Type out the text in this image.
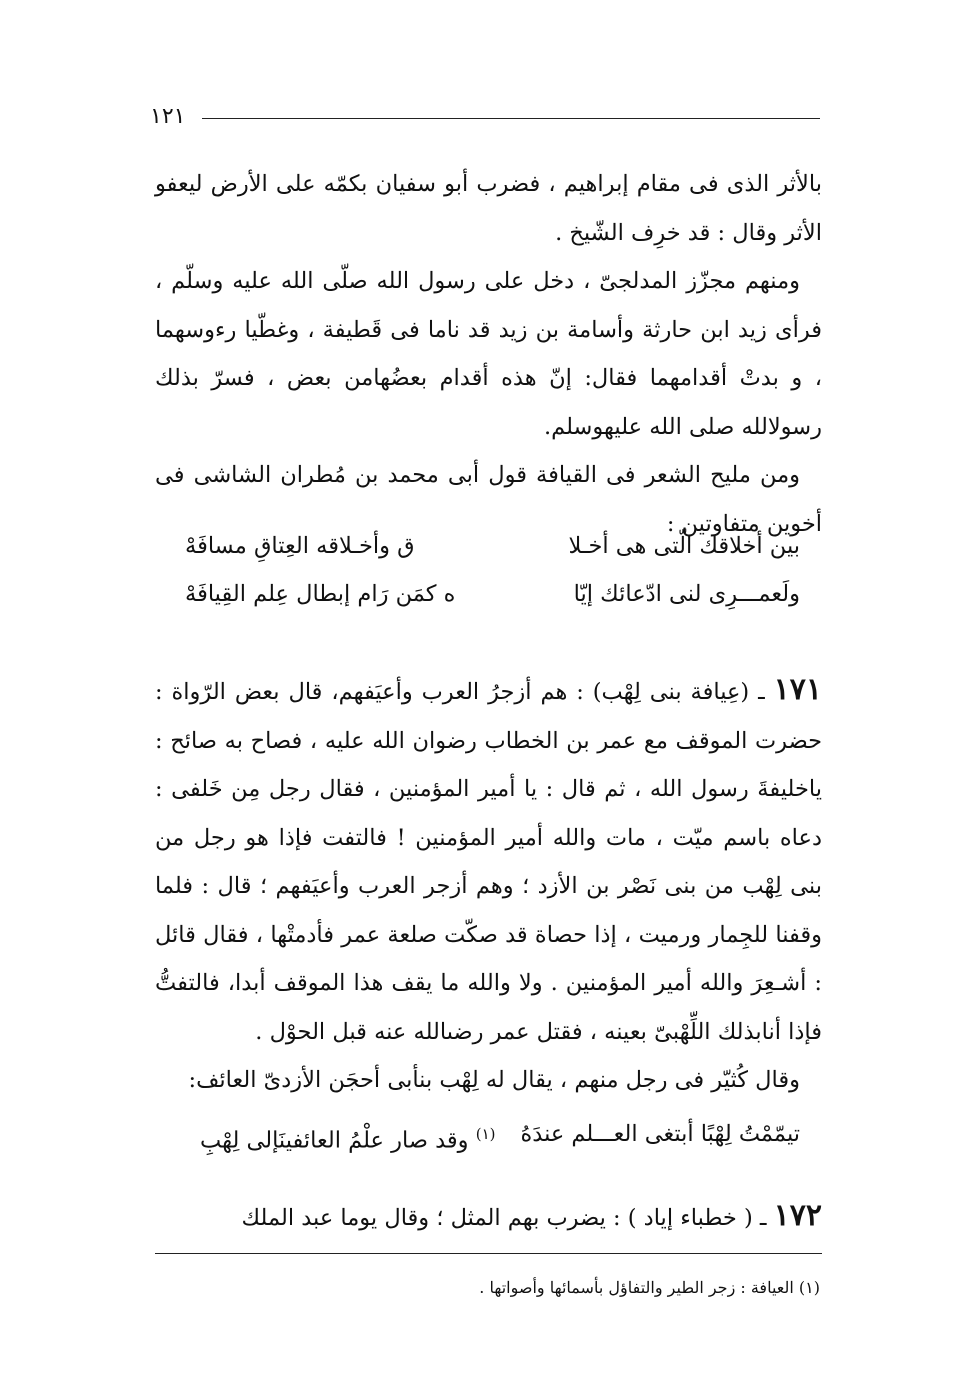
١٢١

بالأثر الذى فى مقام إبراهيم ، فضرب أبو سفيان بكمّه على الأرض ليعفو الأثر وقال : قد خرِف الشّيخ .

ومنهم مجزّز المدلجىّ ، دخل على رسول الله صلّى الله عليه وسلّم ، فرأى زيد ابن حارثة وأسامة بن زيد قد ناما فى قَطيفة ، وغطّيا رءوسهما ، و بدتْ أقدامهما فقال: إنّ هذه أقدام بعضُهامن بعض ، فسرّ بذلك رسولالله صلى الله عليهوسلم.

ومن مليح الشعر فى القيافة قول أبى محمد بن مُطران الشاشى فى أخوين متفاوتين :

بين أخلاقك الّتى هى أخـلا
ق وأخـلاقه العِتاقِ مسافَهْ
ولَعمـــرِى لنى ادّعائك إيّا
ه كمَن رَام إبطال عِلم القِيافَهْ

١٧١ ـ (عِيافة بنى لِهْب) : هم أزجرُ العرب وأعيَفهم، قال بعض الرّواة : حضرت الموقف مع عمر بن الخطاب رضوان الله عليه ، فصاح به صائح : ياخليفةَ رسول الله ، ثم قال : يا أمير المؤمنين ، فقال رجل مِن خَلفى : دعاه باسم ميّت ، مات والله أمير المؤمنين ! فالتفت فإذا هو رجل من بنى لِهْب من بنى نَصْر بن الأزد ؛ وهم أزجر العرب وأعيَفهم ؛ قال : فلما وقفنا للجِمار ورميت ، إذا حصاة قد صكّت صلعة عمر فأدمتْها ، فقال قائل : أشـعِرَ والله أمير المؤمنين . ولا والله ما يقف هذا الموقف أبدا، فالتفتُّ فإذا أنابذلك اللِّهْبىّ بعينه ، فقتل عمر رضىالله عنه قبل الحوْل .

وقال كُثيّر فى رجل منهم ، يقال له لِهْب بنأبى أحجَن الأزدىّ العائف:

تيمّمْتُ لِهْبًا أبتغى العـــلم عندَهُ
$^{(١)}$ وقد صار علْمُ العائفينَإلى لِهْبِ

١٧٢ ـ ( خطباء إياد ) : يضرب بهم المثل ؛ وقال يوما عبد الملك

(١) العيافة : زجر الطير والتفاؤل بأسمائها وأصواتها .
